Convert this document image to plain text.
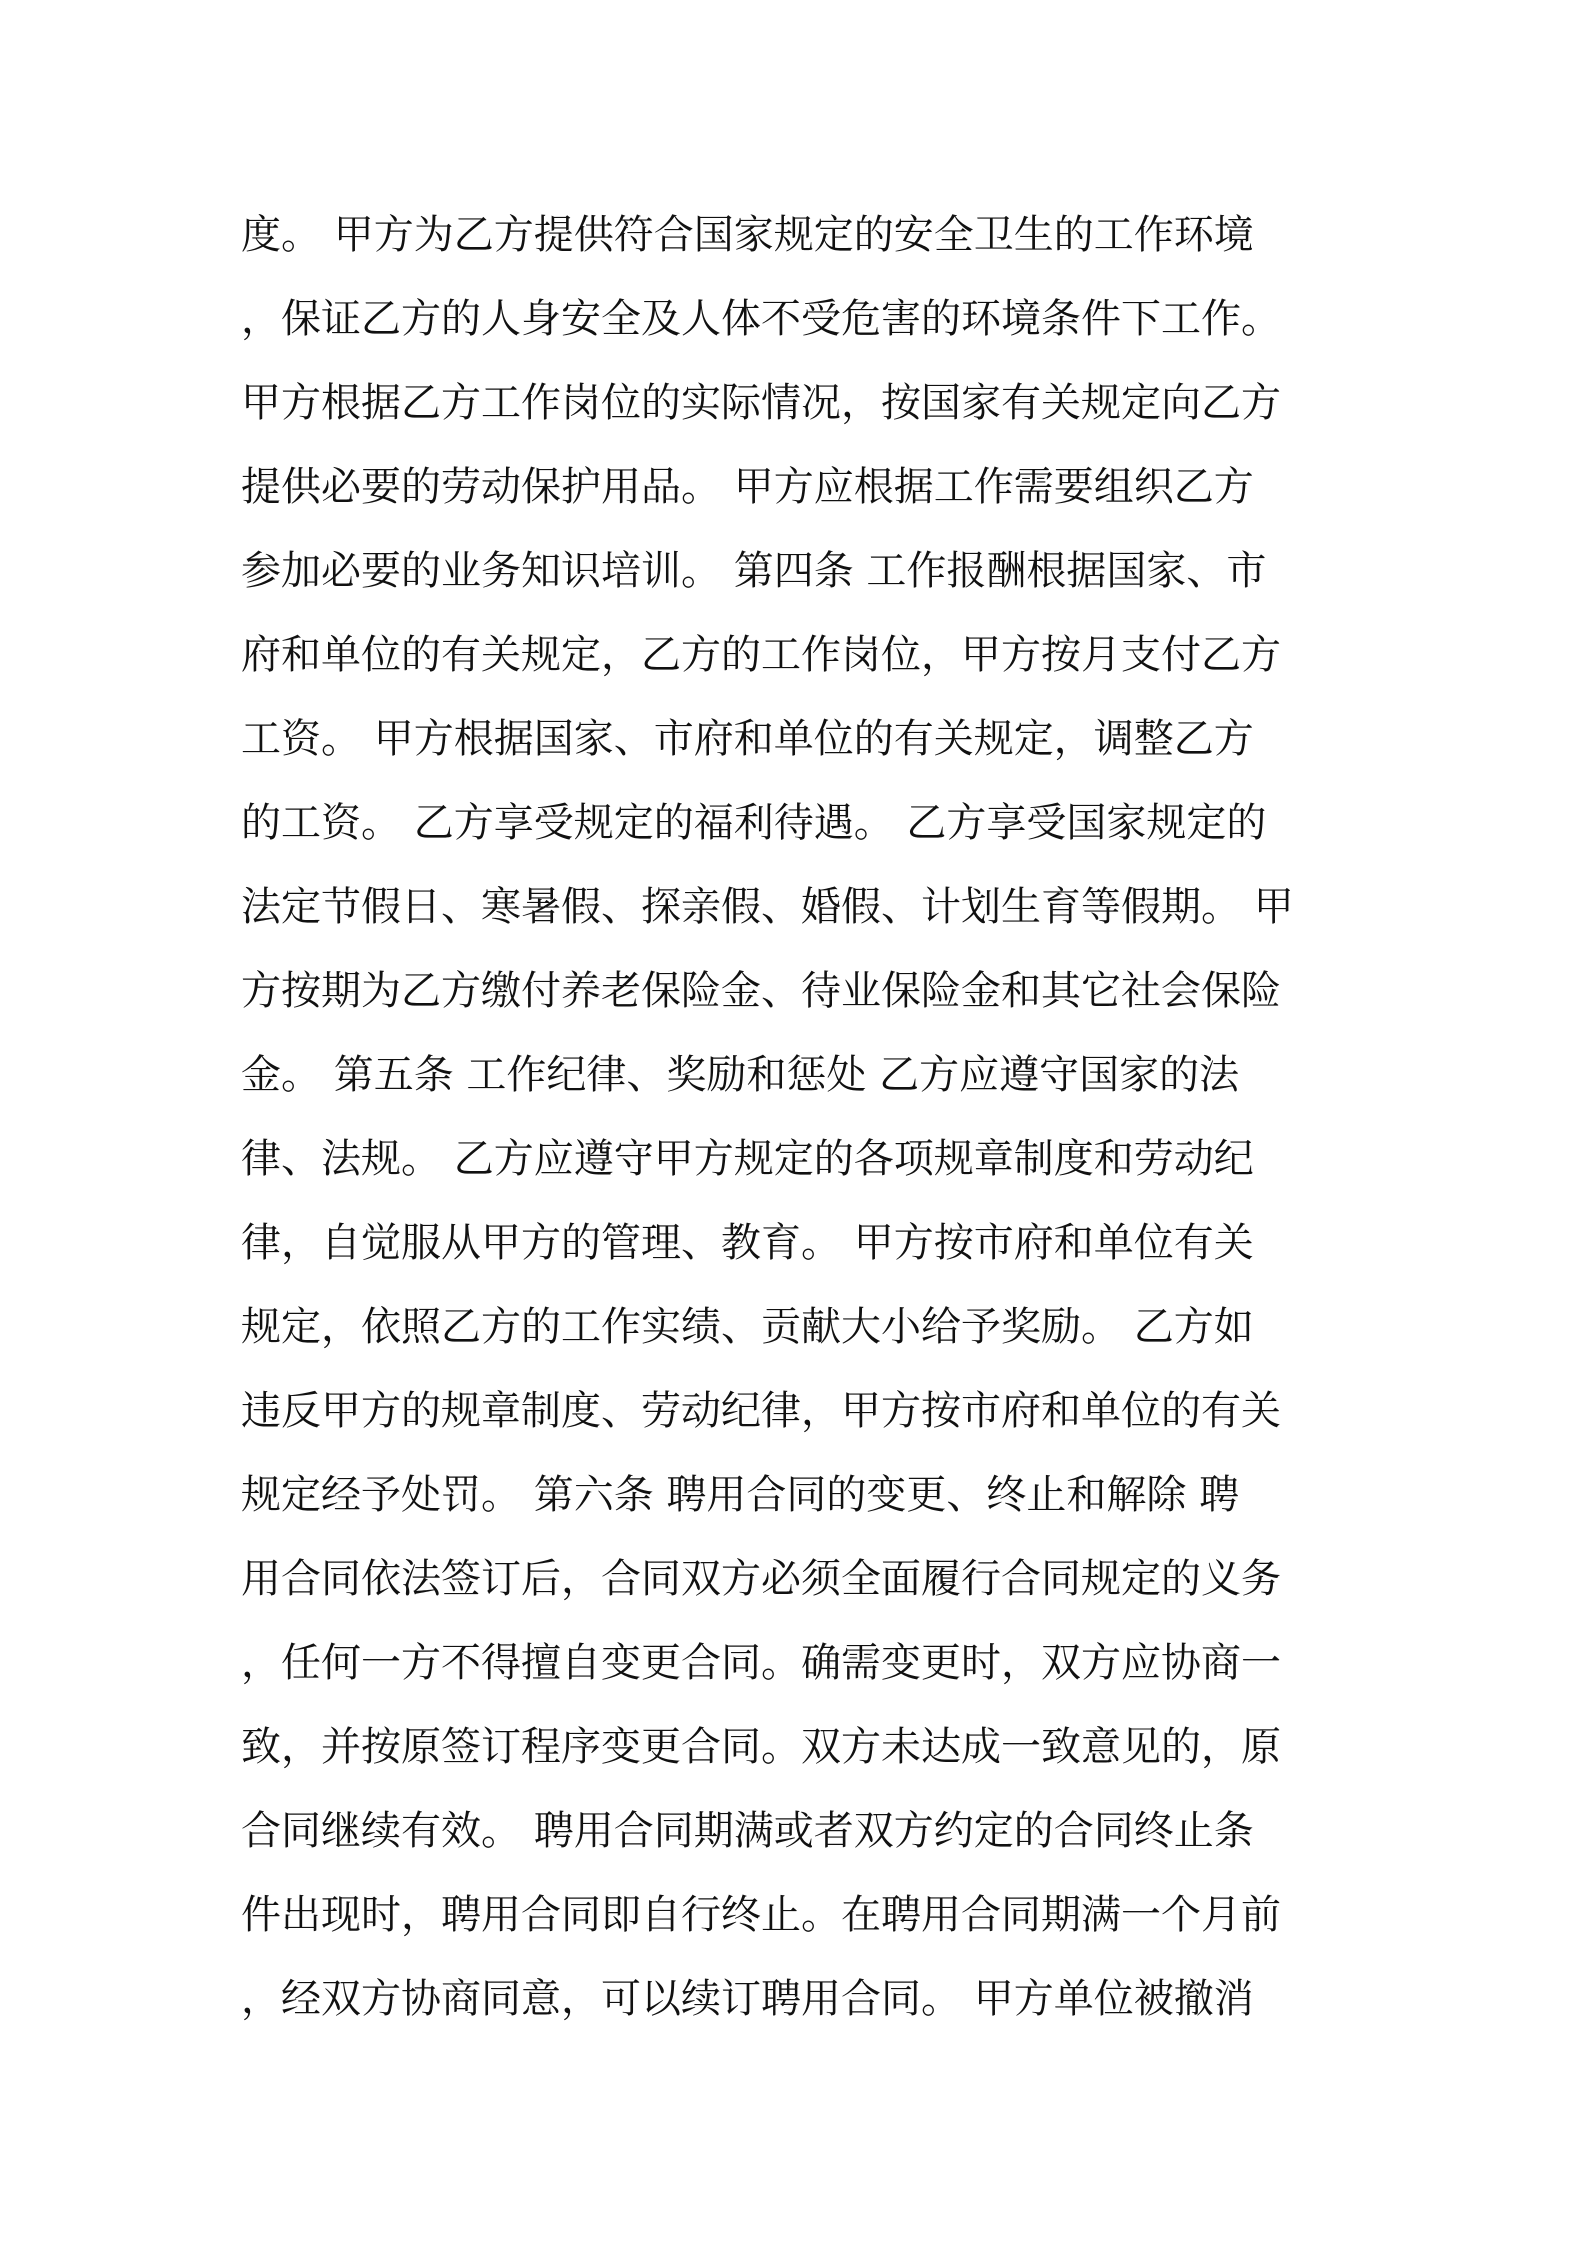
度。 甲方为乙方提供符合国家规定的安全卫生的工作环境
，保证乙方的人身安全及人体不受危害的环境条件下工作。
甲方根据乙方工作岗位的实际情况，按国家有关规定向乙方
提供必要的劳动保护用品。 甲方应根据工作需要组织乙方
参加必要的业务知识培训。 第四条 工作报酬根据国家、市
府和单位的有关规定，乙方的工作岗位，甲方按月支付乙方
工资。 甲方根据国家、市府和单位的有关规定，调整乙方
的工资。 乙方享受规定的福利待遇。 乙方享受国家规定的
法定节假日、寒暑假、探亲假、婚假、计划生育等假期。 甲
方按期为乙方缴付养老保险金、待业保险金和其它社会保险
金。 第五条 工作纪律、奖励和惩处 乙方应遵守国家的法
律、法规。 乙方应遵守甲方规定的各项规章制度和劳动纪
律，自觉服从甲方的管理、教育。 甲方按市府和单位有关
规定，依照乙方的工作实绩、贡献大小给予奖励。 乙方如
违反甲方的规章制度、劳动纪律，甲方按市府和单位的有关
规定经予处罚。 第六条 聘用合同的变更、终止和解除 聘
用合同依法签订后，合同双方必须全面履行合同规定的义务
，任何一方不得擅自变更合同。确需变更时，双方应协商一
致，并按原签订程序变更合同。双方未达成一致意见的，原
合同继续有效。 聘用合同期满或者双方约定的合同终止条
件出现时，聘用合同即自行终止。在聘用合同期满一个月前
，经双方协商同意，可以续订聘用合同。 甲方单位被撤消
